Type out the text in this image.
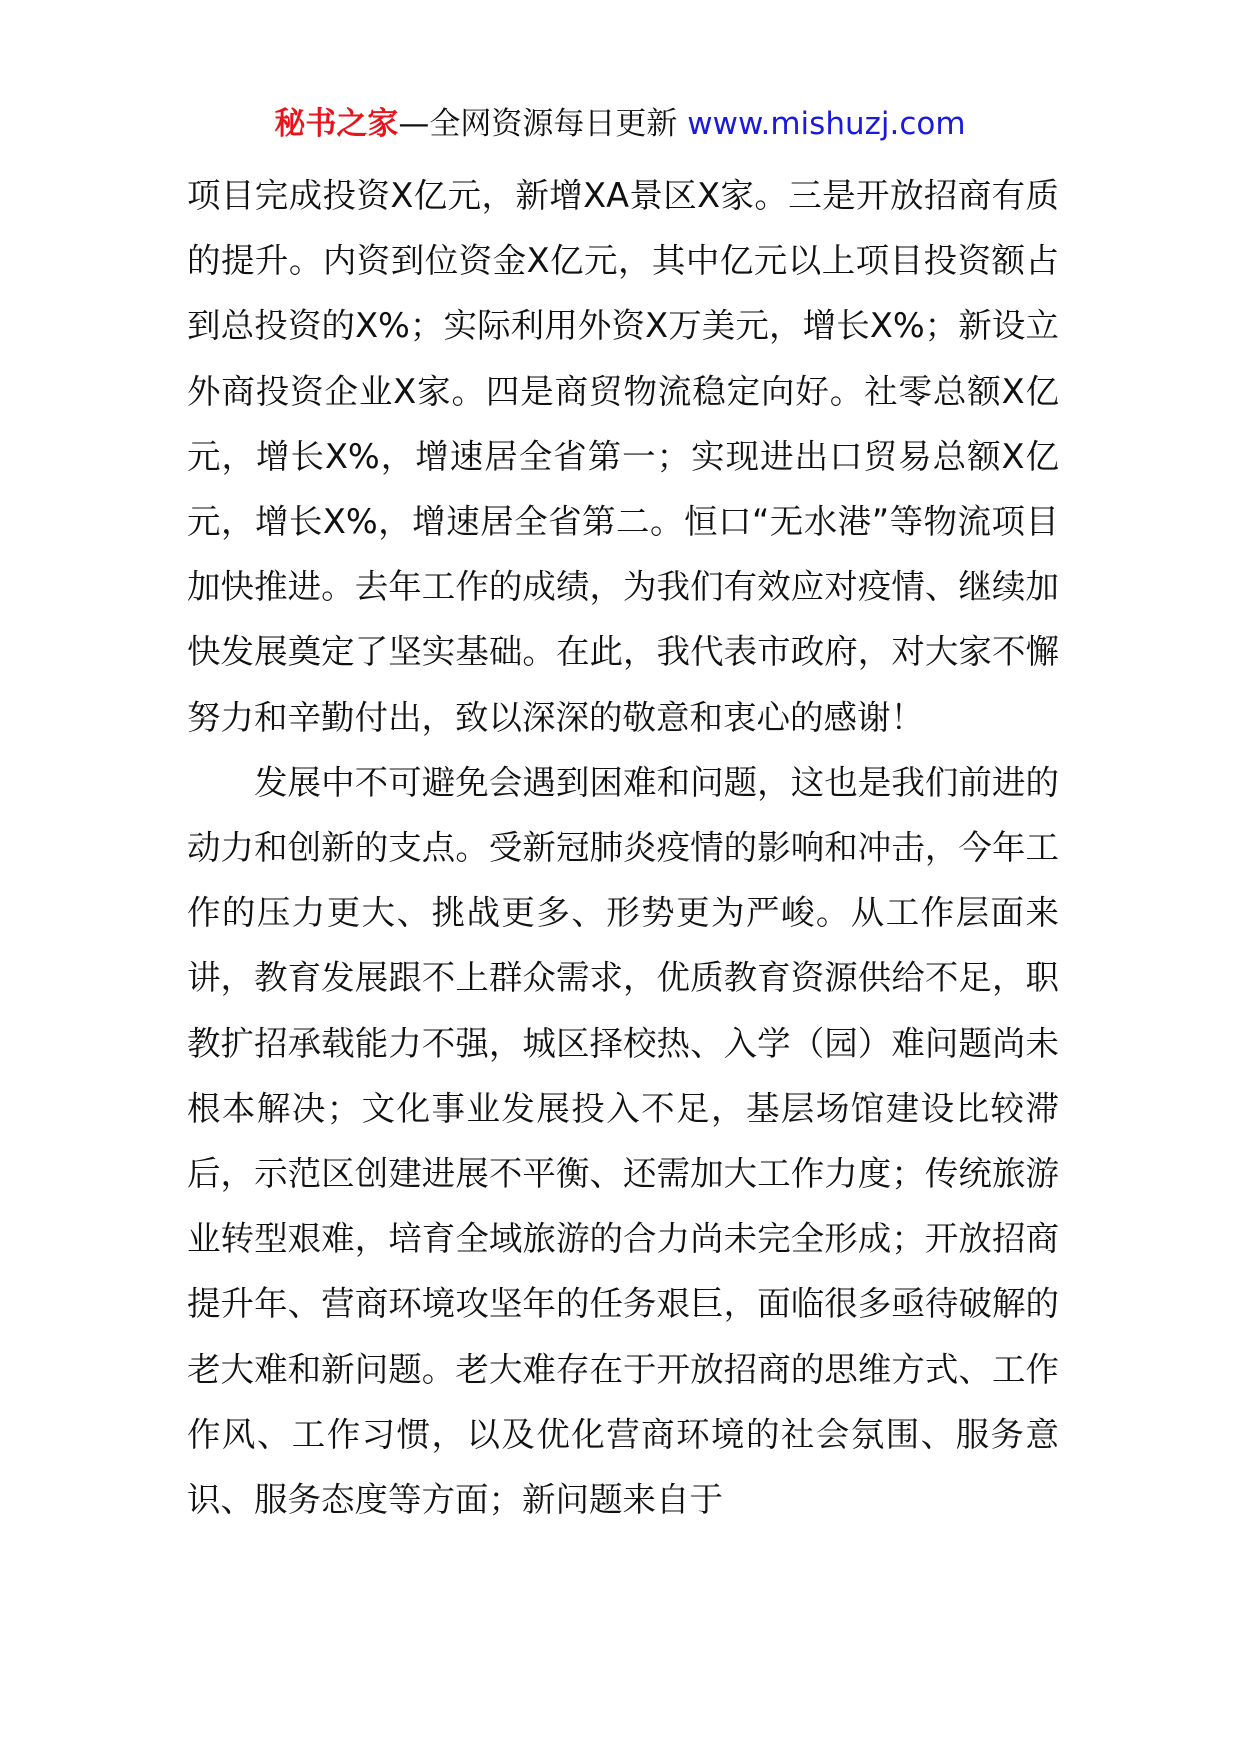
秘书之家—全网资源每日更新 www.mishuzj.com

项目完成投资X亿元，新增XA景区X家。三是开放招商有质的提升。内资到位资金X亿元，其中亿元以上项目投资额占到总投资的X%；实际利用外资X万美元，增长X%；新设立外商投资企业X家。四是商贸物流稳定向好。社零总额X亿元，增长X%，增速居全省第一；实现进出口贸易总额X亿元，增长X%，增速居全省第二。恒口“无水港”等物流项目加快推进。去年工作的成绩，为我们有效应对疫情、继续加快发展奠定了坚实基础。在此，我代表市政府，对大家不懈努力和辛勤付出，致以深深的敬意和衷心的感谢！

发展中不可避免会遇到困难和问题，这也是我们前进的动力和创新的支点。受新冠肺炎疫情的影响和冲击，今年工作的压力更大、挑战更多、形势更为严峻。从工作层面来讲，教育发展跟不上群众需求，优质教育资源供给不足，职教扩招承载能力不强，城区择校热、入学（园）难问题尚未根本解决；文化事业发展投入不足，基层场馆建设比较滞后，示范区创建进展不平衡、还需加大工作力度；传统旅游业转型艰难，培育全域旅游的合力尚未完全形成；开放招商提升年、营商环境攻坚年的任务艰巨，面临很多亟待破解的老大难和新问题。老大难存在于开放招商的思维方式、工作作风、工作习惯，以及优化营商环境的社会氛围、服务意识、服务态度等方面；新问题来自于
